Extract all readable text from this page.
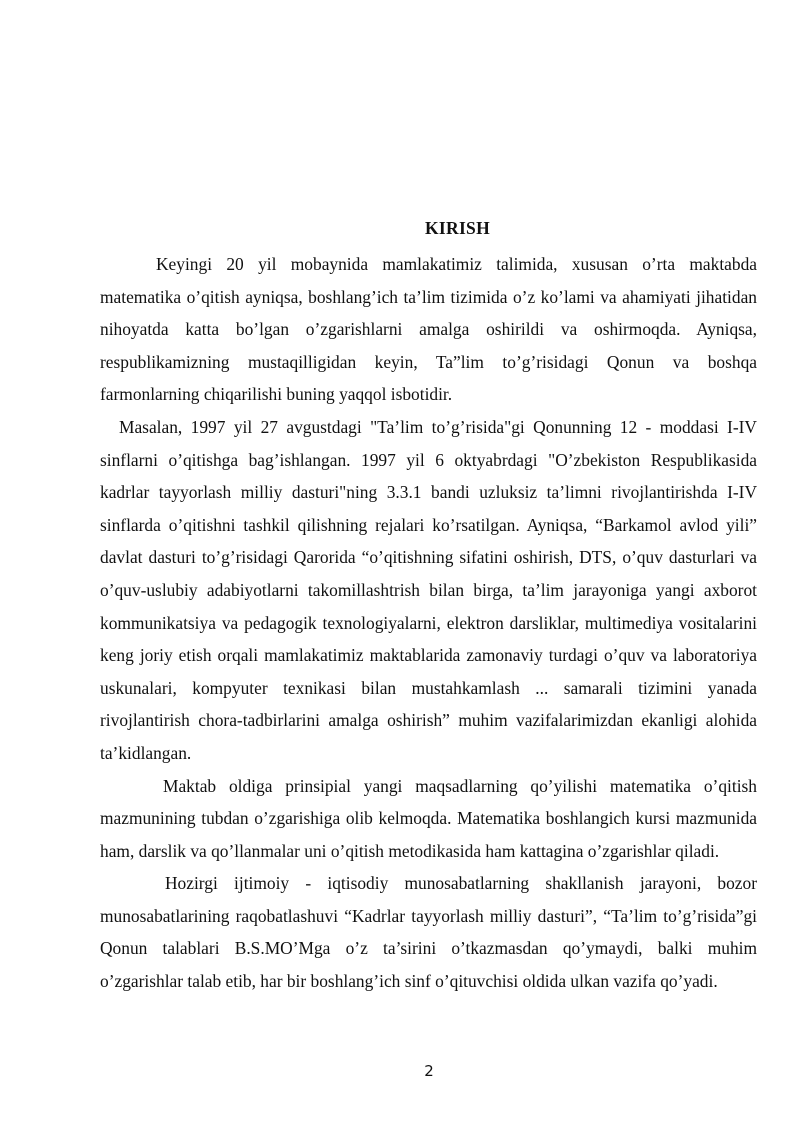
KIRISH

Keyingi 20 yil mobaynida mamlakatimiz talimida, xususan o’rta maktabda matematika o’qitish ayniqsa, boshlang’ich ta’lim tizimida o’z ko’lami va ahamiyati jihatidan nihoyatda katta bo’lgan o’zgarishlarni amalga oshirildi va oshirmoqda. Ayniqsa, respublikamizning mustaqilligidan keyin, Ta”lim to’g’risidagi Qonun va boshqa farmonlarning chiqarilishi buning yaqqol isbotidir.

Masalan, 1997 yil 27 avgustdagi "Ta’lim to’g’risida"gi Qonunning 12 - moddasi I-IV sinflarni o’qitishga bag’ishlangan. 1997 yil 6 oktyabrdagi "O’zbekiston Respublikasida kadrlar tayyorlash milliy dasturi"ning 3.3.1 bandi uzluksiz ta’limni rivojlantirishda I-IV sinflarda o’qitishni tashkil qilishning rejalari ko’rsatilgan. Ayniqsa, “Barkamol avlod yili” davlat dasturi to’g’risidagi Qarorida “o’qitishning sifatini oshirish, DTS, o’quv dasturlari va o’quv-uslubiy adabiyotlarni takomillashtrish bilan birga, ta’lim jarayoniga yangi axborot kommunikatsiya va pedagogik texnologiyalarni, elektron darsliklar, multimediya vositalarini keng joriy etish orqali mamlakatimiz maktablarida zamonaviy turdagi o’quv va laboratoriya uskunalari, kompyuter texnikasi bilan mustahkamlash ... samarali tizimini yanada rivojlantirish chora-tadbirlarini amalga oshirish” muhim vazifalarimizdan ekanligi alohida ta’kidlangan.

Maktab oldiga prinsipial yangi maqsadlarning qo’yilishi matematika o’qitish mazmunining tubdan o’zgarishiga olib kelmoqda. Matematika boshlangich kursi mazmunida ham, darslik va qo’llanmalar uni o’qitish metodikasida ham kattagina o’zgarishlar qiladi.

Hozirgi ijtimoiy - iqtisodiy munosabatlarning shakllanish jarayoni, bozor munosabatlarining raqobatlashuvi “Kadrlar tayyorlash milliy dasturi”, “Ta’lim to’g’risida”gi Qonun talablari B.S.MO’Mga o’z ta’sirini o’tkazmasdan qo’ymaydi, balki muhim o’zgarishlar talab etib, har bir boshlang’ich sinf o’qituvchisi oldida ulkan vazifa qo’yadi.

2
